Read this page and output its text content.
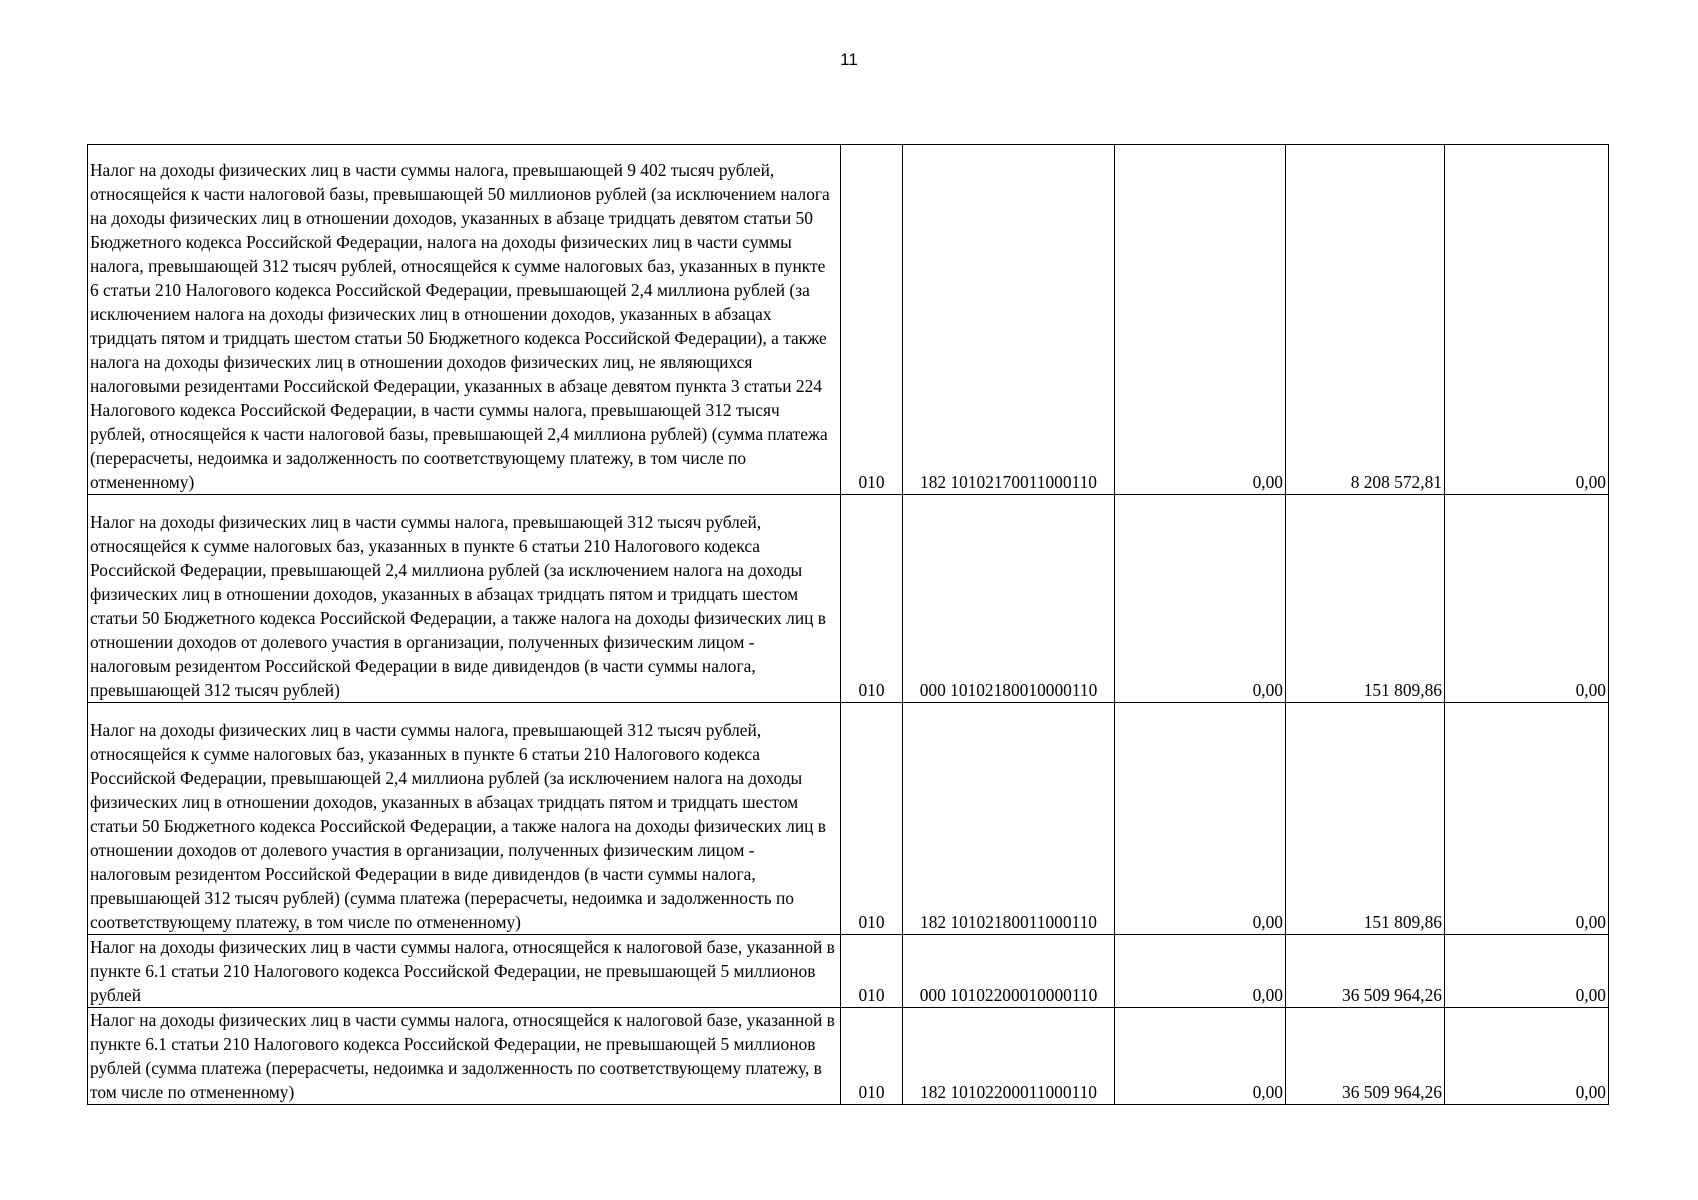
11
Налог на доходы физических лиц в части суммы налога, превышающей 9 402 тысяч рублей, относящейся к части налоговой базы, превышающей 50 миллионов рублей (за исключением налога на доходы физических лиц в отношении доходов, указанных в абзаце тридцать девятом статьи 50 Бюджетного кодекса Российской Федерации, налога на доходы физических лиц в части суммы налога, превышающей 312 тысяч рублей, относящейся к сумме налоговых баз, указанных в пункте 6 статьи 210 Налогового кодекса Российской Федерации, превышающей 2,4 миллиона рублей (за исключением налога на доходы физических лиц в отношении доходов, указанных в абзацах тридцать пятом и тридцать шестом статьи 50 Бюджетного кодекса Российской Федерации), а также налога на доходы физических лиц в отношении доходов физических лиц, не являющихся налоговыми резидентами Российской Федерации, указанных в абзаце девятом пункта 3 статьи 224 Налогового кодекса Российской Федерации, в части суммы налога, превышающей 312 тысяч рублей, относящейся к части налоговой базы, превышающей 2,4 миллиона рублей) (сумма платежа (перерасчеты, недоимка и задолженность по соответствующему платежу, в том числе по отмененному)	010	182 10102170011000110	0,00	8 208 572,81	0,00
Налог на доходы физических лиц в части суммы налога, превышающей 312 тысяч рублей, относящейся к сумме налоговых баз, указанных в пункте 6 статьи 210 Налогового кодекса Российской Федерации, превышающей 2,4 миллиона рублей (за исключением налога на доходы физических лиц в отношении доходов, указанных в абзацах тридцать пятом и тридцать шестом статьи 50 Бюджетного кодекса Российской Федерации, а также налога на доходы физических лиц в отношении доходов от долевого участия в организации, полученных физическим лицом - налоговым резидентом Российской Федерации в виде дивидендов (в части суммы налога, превышающей 312 тысяч рублей)	010	000 10102180010000110	0,00	151 809,86	0,00

Налог на доходы физических лиц в части суммы налога, превышающей 312 тысяч рублей, относящейся к сумме налоговых баз, указанных в пункте 6 статьи 210 Налогового кодекса Российской Федерации, превышающей 2,4 миллиона рублей (за исключением налога на доходы физических лиц в отношении доходов, указанных в абзацах тридцать пятом и тридцать шестом статьи 50 Бюджетного кодекса Российской Федерации, а также налога на доходы физических лиц в отношении доходов от долевого участия в организации, полученных физическим лицом - налоговым резидентом Российской Федерации в виде дивидендов (в части суммы налога, превышающей 312 тысяч рублей) (сумма платежа (перерасчеты, недоимка и задолженность по соответствующему платежу, в том числе по отмененному)	010	182 10102180011000110	0,00	151 809,86	0,00
Налог на доходы физических лиц в части суммы налога, относящейся к налоговой базе, указанной в пункте 6.1 статьи 210 Налогового кодекса Российской Федерации, не превышающей 5 миллионов рублей	010	000 10102200010000110	0,00	36 509 964,26	0,00
Налог на доходы физических лиц в части суммы налога, относящейся к налоговой базе, указанной в пункте 6.1 статьи 210 Налогового кодекса Российской Федерации, не превышающей 5 миллионов рублей (сумма платежа (перерасчеты, недоимка и задолженность по соответствующему платежу, в том числе по отмененному)	010	182 10102200011000110	0,00	36 509 964,26	0,00
